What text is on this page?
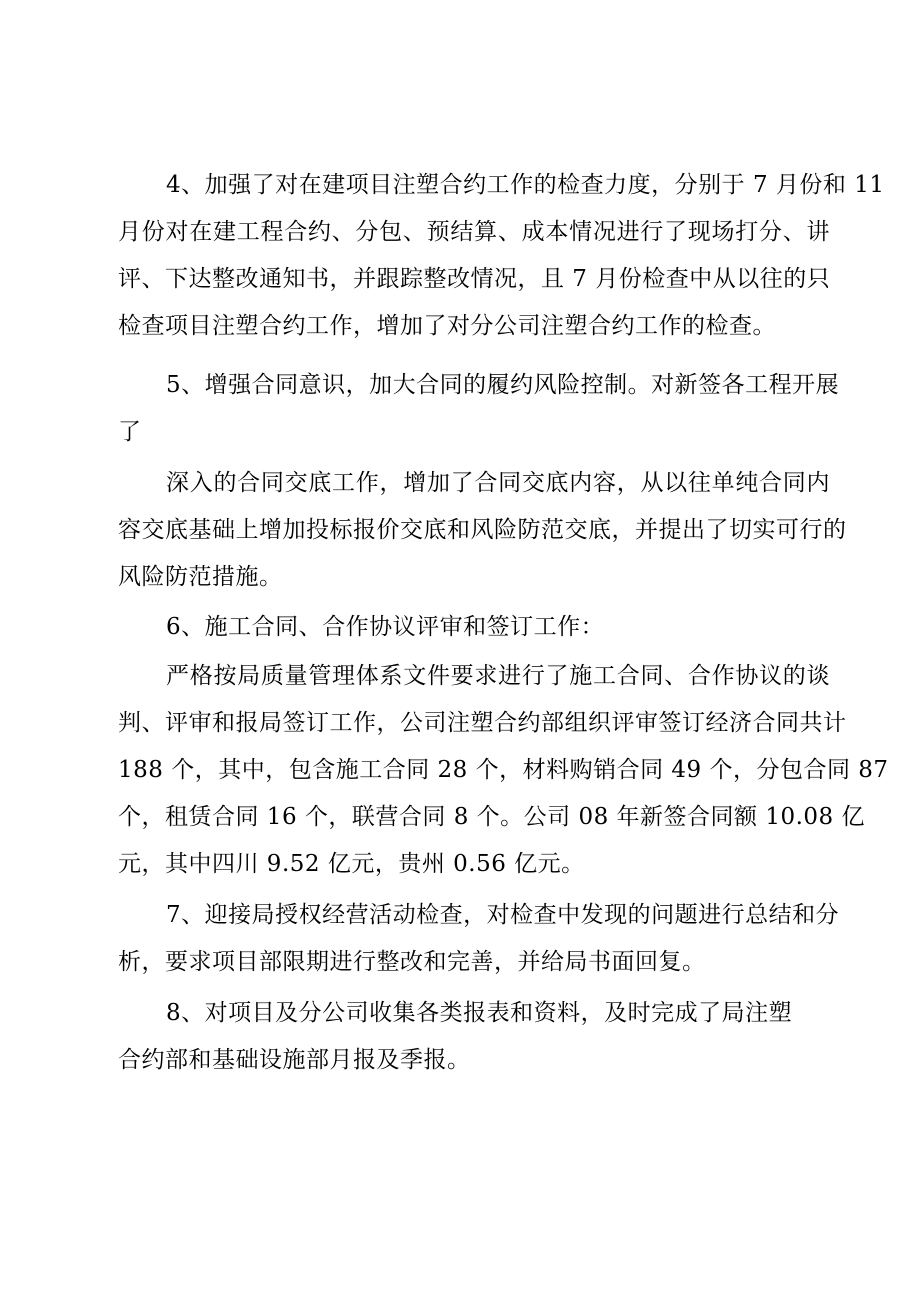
4、加强了对在建项目注塑合约工作的检查力度，分别于 7 月份和 11
月份对在建工程合约、分包、预结算、成本情况进行了现场打分、讲
评、下达整改通知书，并跟踪整改情况，且 7 月份检查中从以往的只
检查项目注塑合约工作，增加了对分公司注塑合约工作的检查。
5、增强合同意识，加大合同的履约风险控制。对新签各工程开展
了
深入的合同交底工作，增加了合同交底内容，从以往单纯合同内
容交底基础上增加投标报价交底和风险防范交底，并提出了切实可行的
风险防范措施。
6、施工合同、合作协议评审和签订工作：
严格按局质量管理体系文件要求进行了施工合同、合作协议的谈
判、评审和报局签订工作，公司注塑合约部组织评审签订经济合同共计
188 个，其中，包含施工合同 28 个，材料购销合同 49 个，分包合同 87
个，租赁合同 16 个，联营合同 8 个。公司 08 年新签合同额 10.08 亿
元，其中四川 9.52 亿元，贵州 0.56 亿元。
7、迎接局授权经营活动检查，对检查中发现的问题进行总结和分
析，要求项目部限期进行整改和完善，并给局书面回复。
8、对项目及分公司收集各类报表和资料，及时完成了局注塑
合约部和基础设施部月报及季报。
